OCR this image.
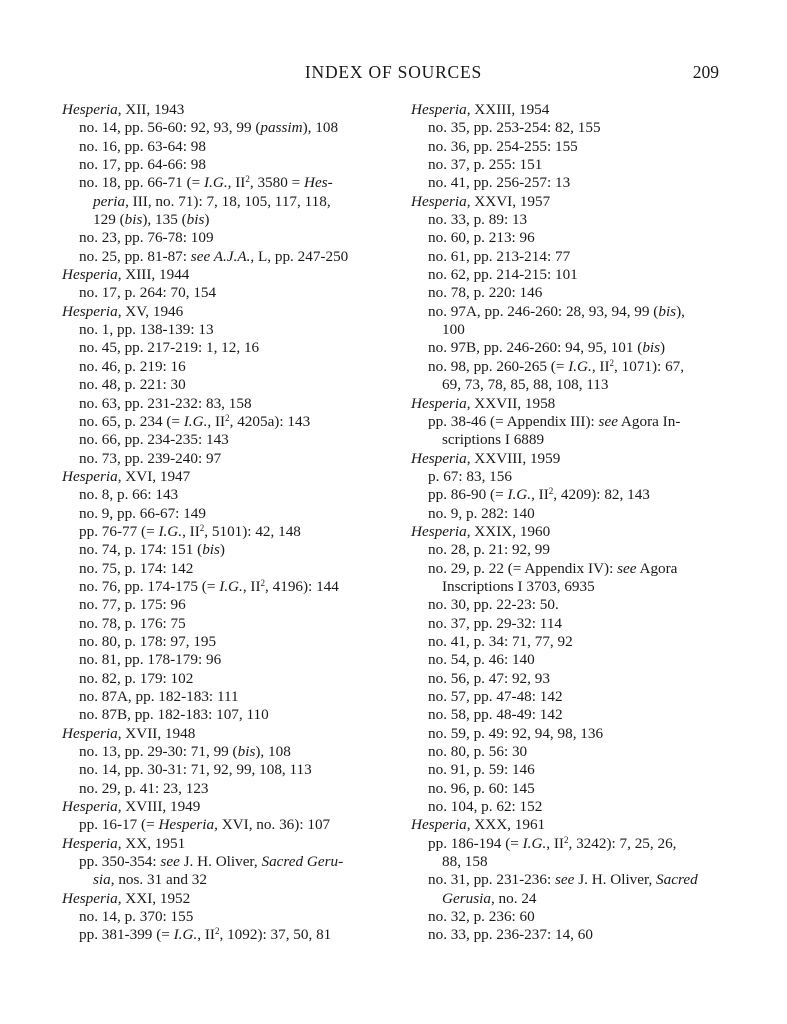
INDEX OF SOURCES	209
Hesperia, XII, 1943
no. 14, pp. 56-60: 92, 93, 99 (passim), 108
no. 16, pp. 63-64: 98
no. 17, pp. 64-66: 98
no. 18, pp. 66-71 (= I.G., $II^2$, 3580 = Hes-
peria, III, no. 71): 7, 18, 105, 117, 118,
129 (bis), 135 (bis)
no. 23, pp. 76-78: 109
no. 25, pp. 81-87: see A.J.A., L, pp. 247-250
Hesperia, XIII, 1944
no. 17, p. 264: 70, 154
Hesperia, XV, 1946
no. 1, pp. 138-139: 13
no. 45, pp. 217-219: 1, 12, 16
no. 46, p. 219: 16
no. 48, p. 221: 30
no. 63, pp. 231-232: 83, 158
no. 65, p. 234 (= I.G., $II^2$, 4205a): 143
no. 66, pp. 234-235: 143
no. 73, pp. 239-240: 97
Hesperia, XVI, 1947
no. 8, p. 66: 143
no. 9, pp. 66-67: 149
pp. 76-77 (= I.G., $II^2$, 5101): 42, 148
no. 74, p. 174: 151 (bis)
no. 75, p. 174: 142
no. 76, pp. 174-175 (= I.G., $II^2$, 4196): 144
no. 77, p. 175: 96
no. 78, p. 176: 75
no. 80, p. 178: 97, 195
no. 81, pp. 178-179: 96
no. 82, p. 179: 102
no. 87A, pp. 182-183: 111
no. 87B, pp. 182-183: 107, 110
Hesperia, XVII, 1948
no. 13, pp. 29-30: 71, 99 (bis), 108
no. 14, pp. 30-31: 71, 92, 99, 108, 113
no. 29, p. 41: 23, 123
Hesperia, XVIII, 1949
pp. 16-17 (= Hesperia, XVI, no. 36): 107
Hesperia, XX, 1951
pp. 350-354: see J. H. Oliver, Sacred Geru-
sia, nos. 31 and 32
Hesperia, XXI, 1952
no. 14, p. 370: 155
pp. 381-399 (= I.G., $II^2$, 1092): 37, 50, 81
Hesperia, XXIII, 1954
no. 35, pp. 253-254: 82, 155
no. 36, pp. 254-255: 155
no. 37, p. 255: 151
no. 41, pp. 256-257: 13
Hesperia, XXVI, 1957
no. 33, p. 89: 13
no. 60, p. 213: 96
no. 61, pp. 213-214: 77
no. 62, pp. 214-215: 101
no. 78, p. 220: 146
no. 97A, pp. 246-260: 28, 93, 94, 99 (bis),
100
no. 97B, pp. 246-260: 94, 95, 101 (bis)
no. 98, pp. 260-265 (= I.G., $II^2$, 1071): 67,
69, 73, 78, 85, 88, 108, 113
Hesperia, XXVII, 1958
pp. 38-46 (= Appendix III): see Agora In-
scriptions I 6889
Hesperia, XXVIII, 1959
p. 67: 83, 156
pp. 86-90 (= I.G., $II^2$, 4209): 82, 143
no. 9, p. 282: 140
Hesperia, XXIX, 1960
no. 28, p. 21: 92, 99
no. 29, p. 22 (= Appendix IV): see Agora
Inscriptions I 3703, 6935
no. 30, pp. 22-23: 50.
no. 37, pp. 29-32: 114
no. 41, p. 34: 71, 77, 92
no. 54, p. 46: 140
no. 56, p. 47: 92, 93
no. 57, pp. 47-48: 142
no. 58, pp. 48-49: 142
no. 59, p. 49: 92, 94, 98, 136
no. 80, p. 56: 30
no. 91, p. 59: 146
no. 96, p. 60: 145
no. 104, p. 62: 152
Hesperia, XXX, 1961
pp. 186-194 (= I.G., $II^2$, 3242): 7, 25, 26,
88, 158
no. 31, pp. 231-236: see J. H. Oliver, Sacred
Gerusia, no. 24
no. 32, p. 236: 60
no. 33, pp. 236-237: 14, 60
